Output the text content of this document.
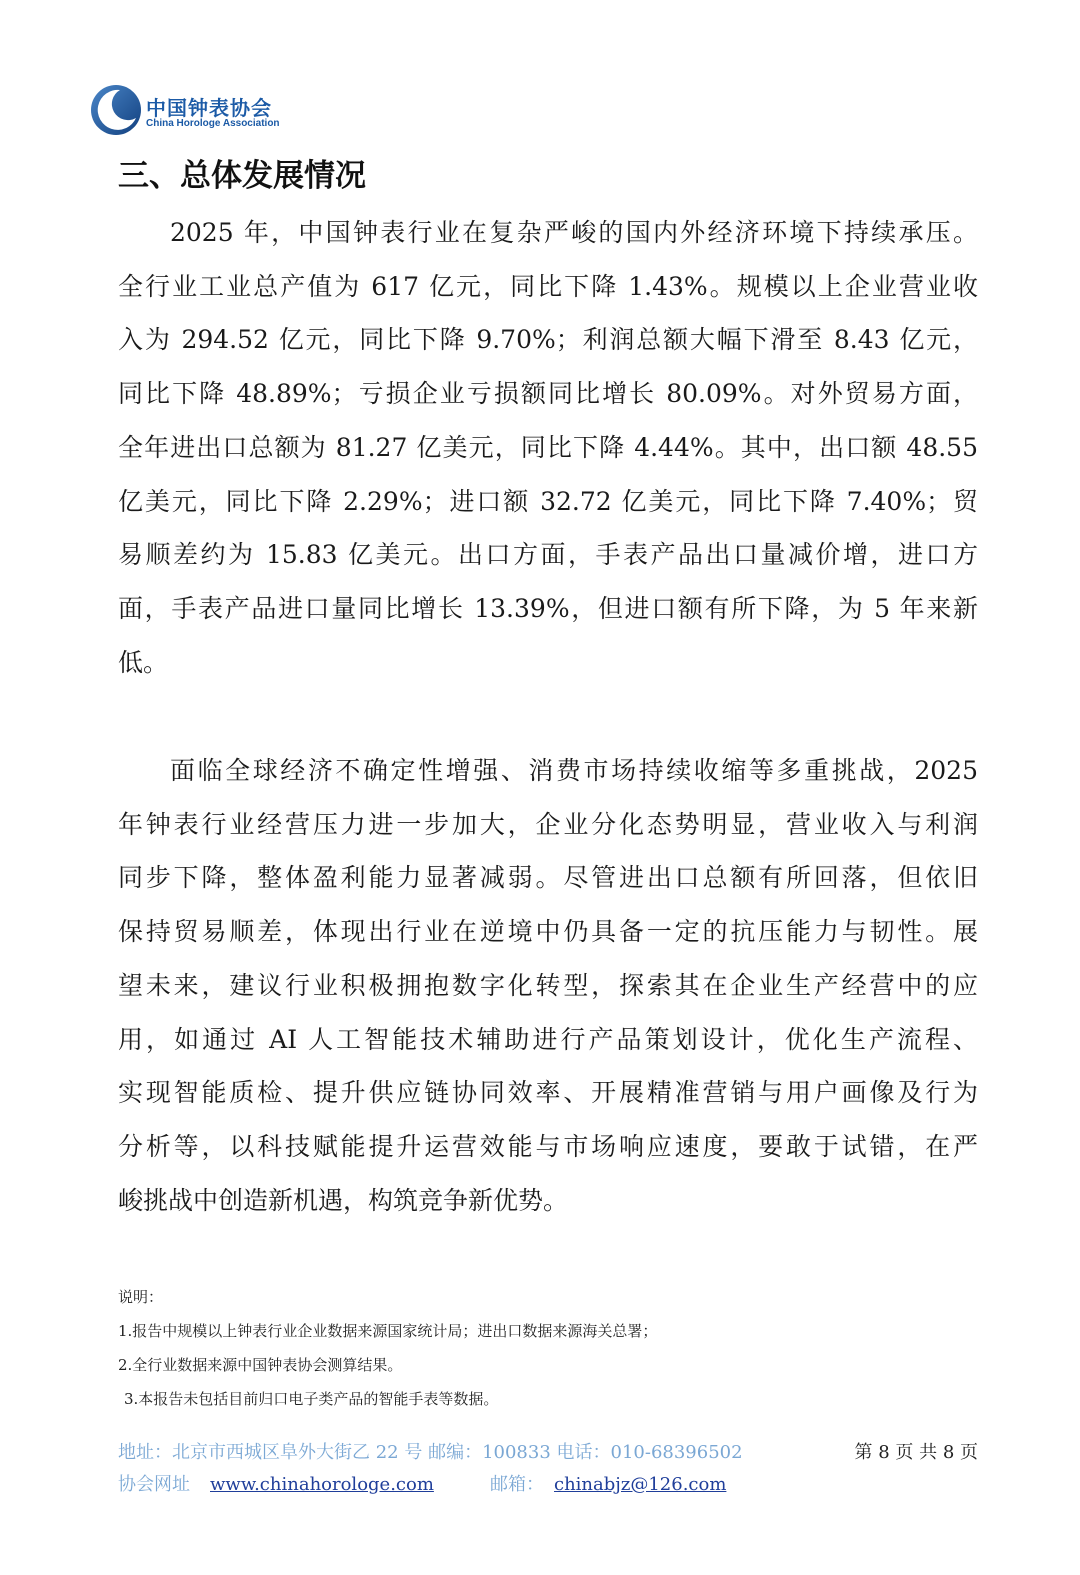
中国钟表协会
China Horologe Association
三、总体发展情况
2025 年，中国钟表行业在复杂严峻的国内外经济环境下持续承压。
全行业工业总产值为 617 亿元，同比下降 1.43%。规模以上企业营业收
入为 294.52 亿元，同比下降 9.70%；利润总额大幅下滑至 8.43 亿元，
同比下降 48.89%；亏损企业亏损额同比增长 80.09%。对外贸易方面，
全年进出口总额为 81.27 亿美元，同比下降 4.44%。其中，出口额 48.55
亿美元，同比下降 2.29%；进口额 32.72 亿美元，同比下降 7.40%；贸
易顺差约为 15.83 亿美元。出口方面，手表产品出口量减价增，进口方
面，手表产品进口量同比增长 13.39%，但进口额有所下降，为 5 年来新
低。
面临全球经济不确定性增强、消费市场持续收缩等多重挑战，2025
年钟表行业经营压力进一步加大，企业分化态势明显，营业收入与利润
同步下降，整体盈利能力显著减弱。尽管进出口总额有所回落，但依旧
保持贸易顺差，体现出行业在逆境中仍具备一定的抗压能力与韧性。展
望未来，建议行业积极拥抱数字化转型，探索其在企业生产经营中的应
用，如通过 AI 人工智能技术辅助进行产品策划设计，优化生产流程、
实现智能质检、提升供应链协同效率、开展精准营销与用户画像及行为
分析等，以科技赋能提升运营效能与市场响应速度，要敢于试错，在严
峻挑战中创造新机遇，构筑竞争新优势。
说明：
1.报告中规模以上钟表行业企业数据来源国家统计局；进出口数据来源海关总署；
2.全行业数据来源中国钟表协会测算结果。
3.本报告未包括目前归口电子类产品的智能手表等数据。
地址：北京市西城区阜外大街乙 22 号 邮编：100833 电话：010-68396502	第 8 页 共 8 页
协会网址 www.chinahorologe.com	邮箱： chinabjz@126.com
